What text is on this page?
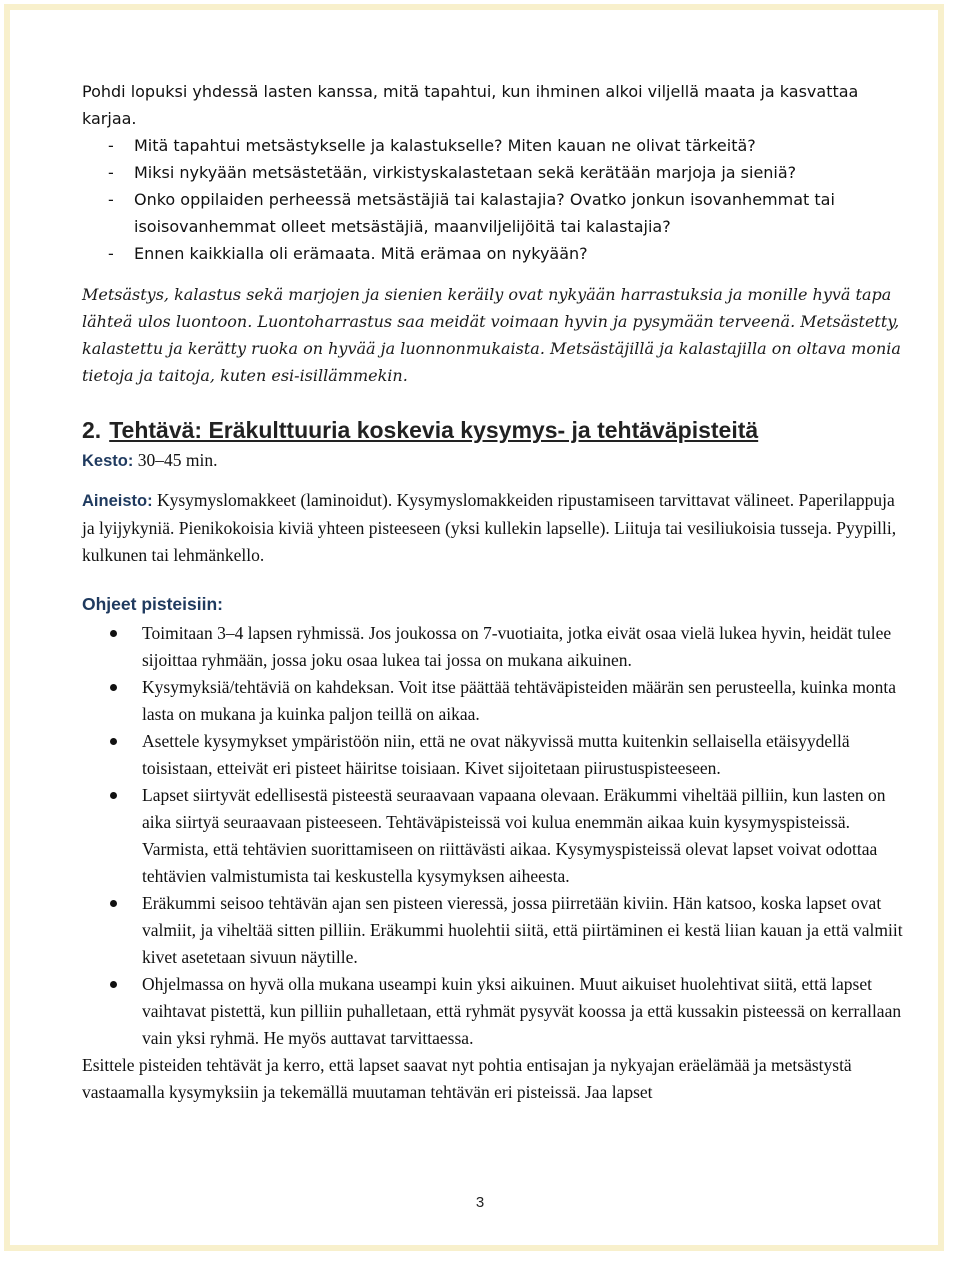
Pohdi lopuksi yhdessä lasten kanssa, mitä tapahtui, kun ihminen alkoi viljellä maata ja kasvattaa karjaa.
- Mitä tapahtui metsästykselle ja kalastukselle? Miten kauan ne olivat tärkeitä?
- Miksi nykyään metsästetään, virkistyskalastetaan sekä kerätään marjoja ja sieniä?
- Onko oppilaiden perheessä metsästäjiä tai kalastajia? Ovatko jonkun isovanhemmat tai isoisovanhemmat olleet metsästäjiä, maanviljelijöitä tai kalastajia?
- Ennen kaikkialla oli erämaata. Mitä erämaa on nykyään?
Metsästys, kalastus sekä marjojen ja sienien keräily ovat nykyään harrastuksia ja monille hyvä tapa lähteä ulos luontoon. Luontoharrastus saa meidät voimaan hyvin ja pysymään terveenä. Metsästetty, kalastettu ja kerätty ruoka on hyvää ja luonnonmukaista. Metsästäjillä ja kalastajilla on oltava monia tietoja ja taitoja, kuten esi-isillämmekin.
2. Tehtävä: Eräkulttuuria koskevia kysymys- ja tehtäväpisteitä
Kesto: 30–45 min.
Aineisto: Kysymyslomakkeet (laminoidut). Kysymyslomakkeiden ripustamiseen tarvittavat välineet. Paperilappuja ja lyijykyniä. Pienikokoisia kiviä yhteen pisteeseen (yksi kullekin lapselle). Liituja tai vesiliukoisia tusseja. Pyypilli, kulkunen tai lehmänkello.
Ohjeet pisteisiin:
Toimitaan 3–4 lapsen ryhmissä. Jos joukossa on 7-vuotiaita, jotka eivät osaa vielä lukea hyvin, heidät tulee sijoittaa ryhmään, jossa joku osaa lukea tai jossa on mukana aikuinen.
Kysymyksiä/tehtäviä on kahdeksan. Voit itse päättää tehtäväpisteiden määrän sen perusteella, kuinka monta lasta on mukana ja kuinka paljon teillä on aikaa.
Asettele kysymykset ympäristöön niin, että ne ovat näkyvissä mutta kuitenkin sellaisella etäisyydellä toisistaan, etteivät eri pisteet häiritse toisiaan. Kivet sijoitetaan piirustuspisteeseen.
Lapset siirtyvät edellisestä pisteestä seuraavaan vapaana olevaan. Eräkummi viheltää pilliin, kun lasten on aika siirtyä seuraavaan pisteeseen. Tehtäväpisteissä voi kulua enemmän aikaa kuin kysymyspisteissä. Varmista, että tehtävien suorittamiseen on riittävästi aikaa. Kysymyspisteissä olevat lapset voivat odottaa tehtävien valmistumista tai keskustella kysymyksen aiheesta.
Eräkummi seisoo tehtävän ajan sen pisteen vieressä, jossa piirretään kiviin. Hän katsoo, koska lapset ovat valmiit, ja viheltää sitten pilliin. Eräkummi huolehtii siitä, että piirtäminen ei kestä liian kauan ja että valmiit kivet asetetaan sivuun näytille.
Ohjelmassa on hyvä olla mukana useampi kuin yksi aikuinen. Muut aikuiset huolehtivat siitä, että lapset vaihtavat pistettä, kun pilliin puhalletaan, että ryhmät pysyvät koossa ja että kussakin pisteessä on kerrallaan vain yksi ryhmä. He myös auttavat tarvittaessa.
Esittele pisteiden tehtävät ja kerro, että lapset saavat nyt pohtia entisajan ja nykyajan eräelämää ja metsästystä vastaamalla kysymyksiin ja tekemällä muutaman tehtävän eri pisteissä. Jaa lapset
3
